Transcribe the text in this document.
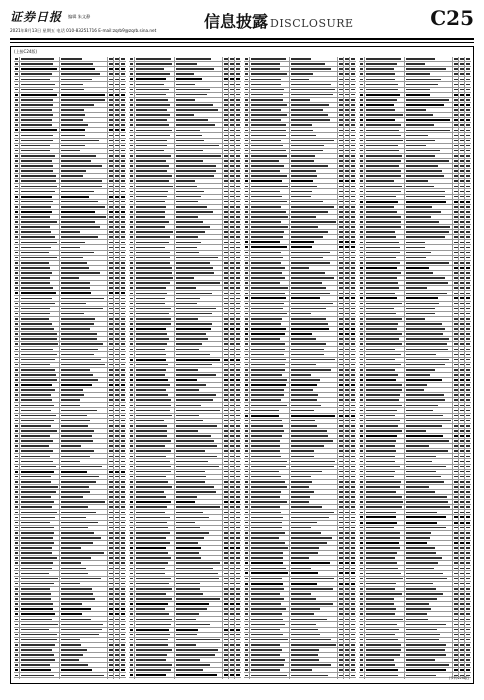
证券日报 编辑 朱文静
2021年8月13日 星期五 电话 010-83251716 E-mail:zqrb9@zqrb.sina.net	信息披露 DISCLOSURE	C25
(上接C24版)
(下转C26版)
